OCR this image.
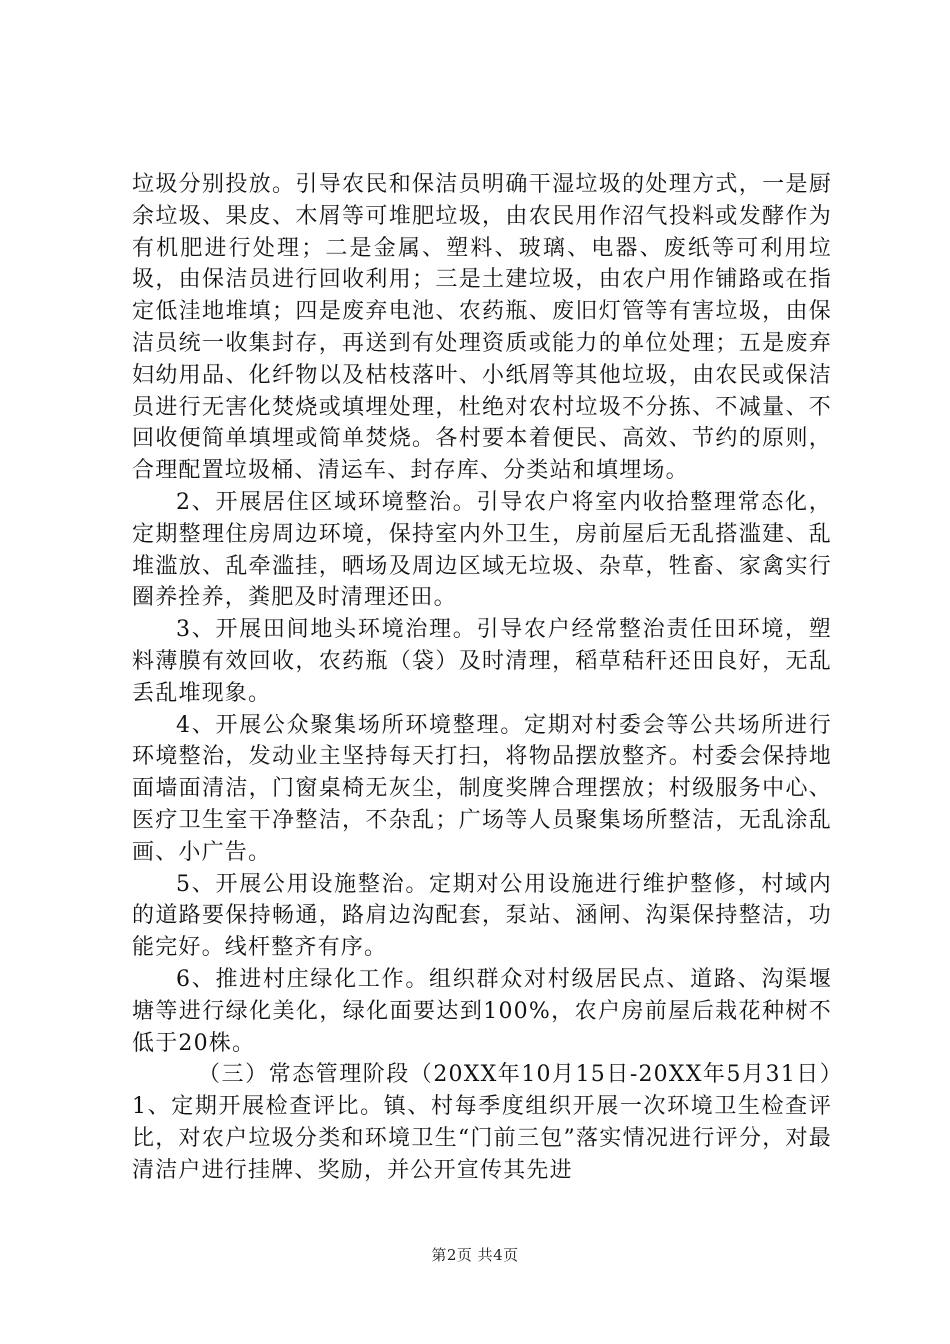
垃圾分别投放。引导农民和保洁员明确干湿垃圾的处理方式，一是厨余垃圾、果皮、木屑等可堆肥垃圾，由农民用作沼气投料或发酵作为有机肥进行处理；二是金属、塑料、玻璃、电器、废纸等可利用垃圾，由保洁员进行回收利用；三是土建垃圾，由农户用作铺路或在指定低洼地堆填；四是废弃电池、农药瓶、废旧灯管等有害垃圾，由保洁员统一收集封存，再送到有处理资质或能力的单位处理；五是废弃妇幼用品、化纤物以及枯枝落叶、小纸屑等其他垃圾，由农民或保洁员进行无害化焚烧或填埋处理，杜绝对农村垃圾不分拣、不减量、不回收便简单填埋或简单焚烧。各村要本着便民、高效、节约的原则，合理配置垃圾桶、清运车、封存库、分类站和填埋场。

2、开展居住区域环境整治。引导农户将室内收拾整理常态化，定期整理住房周边环境，保持室内外卫生，房前屋后无乱搭滥建、乱堆滥放、乱牵滥挂，晒场及周边区域无垃圾、杂草，牲畜、家禽实行圈养拴养，粪肥及时清理还田。

3、开展田间地头环境治理。引导农户经常整治责任田环境，塑料薄膜有效回收，农药瓶（袋）及时清理，稻草秸秆还田良好，无乱丢乱堆现象。

4、开展公众聚集场所环境整理。定期对村委会等公共场所进行环境整治，发动业主坚持每天打扫，将物品摆放整齐。村委会保持地面墙面清洁，门窗桌椅无灰尘，制度奖牌合理摆放；村级服务中心、医疗卫生室干净整洁，不杂乱；广场等人员聚集场所整洁，无乱涂乱画、小广告。

5、开展公用设施整治。定期对公用设施进行维护整修，村域内的道路要保持畅通，路肩边沟配套，泵站、涵闸、沟渠保持整洁，功能完好。线杆整齐有序。

6、推进村庄绿化工作。组织群众对村级居民点、道路、沟渠堰塘等进行绿化美化，绿化面要达到100%，农户房前屋后栽花种树不低于20株。

（三）常态管理阶段（20XX年10月15日-20XX年5月31日）1、定期开展检查评比。镇、村每季度组织开展一次环境卫生检查评比，对农户垃圾分类和环境卫生“门前三包”落实情况进行评分，对最清洁户进行挂牌、奖励，并公开宣传其先进

第2页 共4页
